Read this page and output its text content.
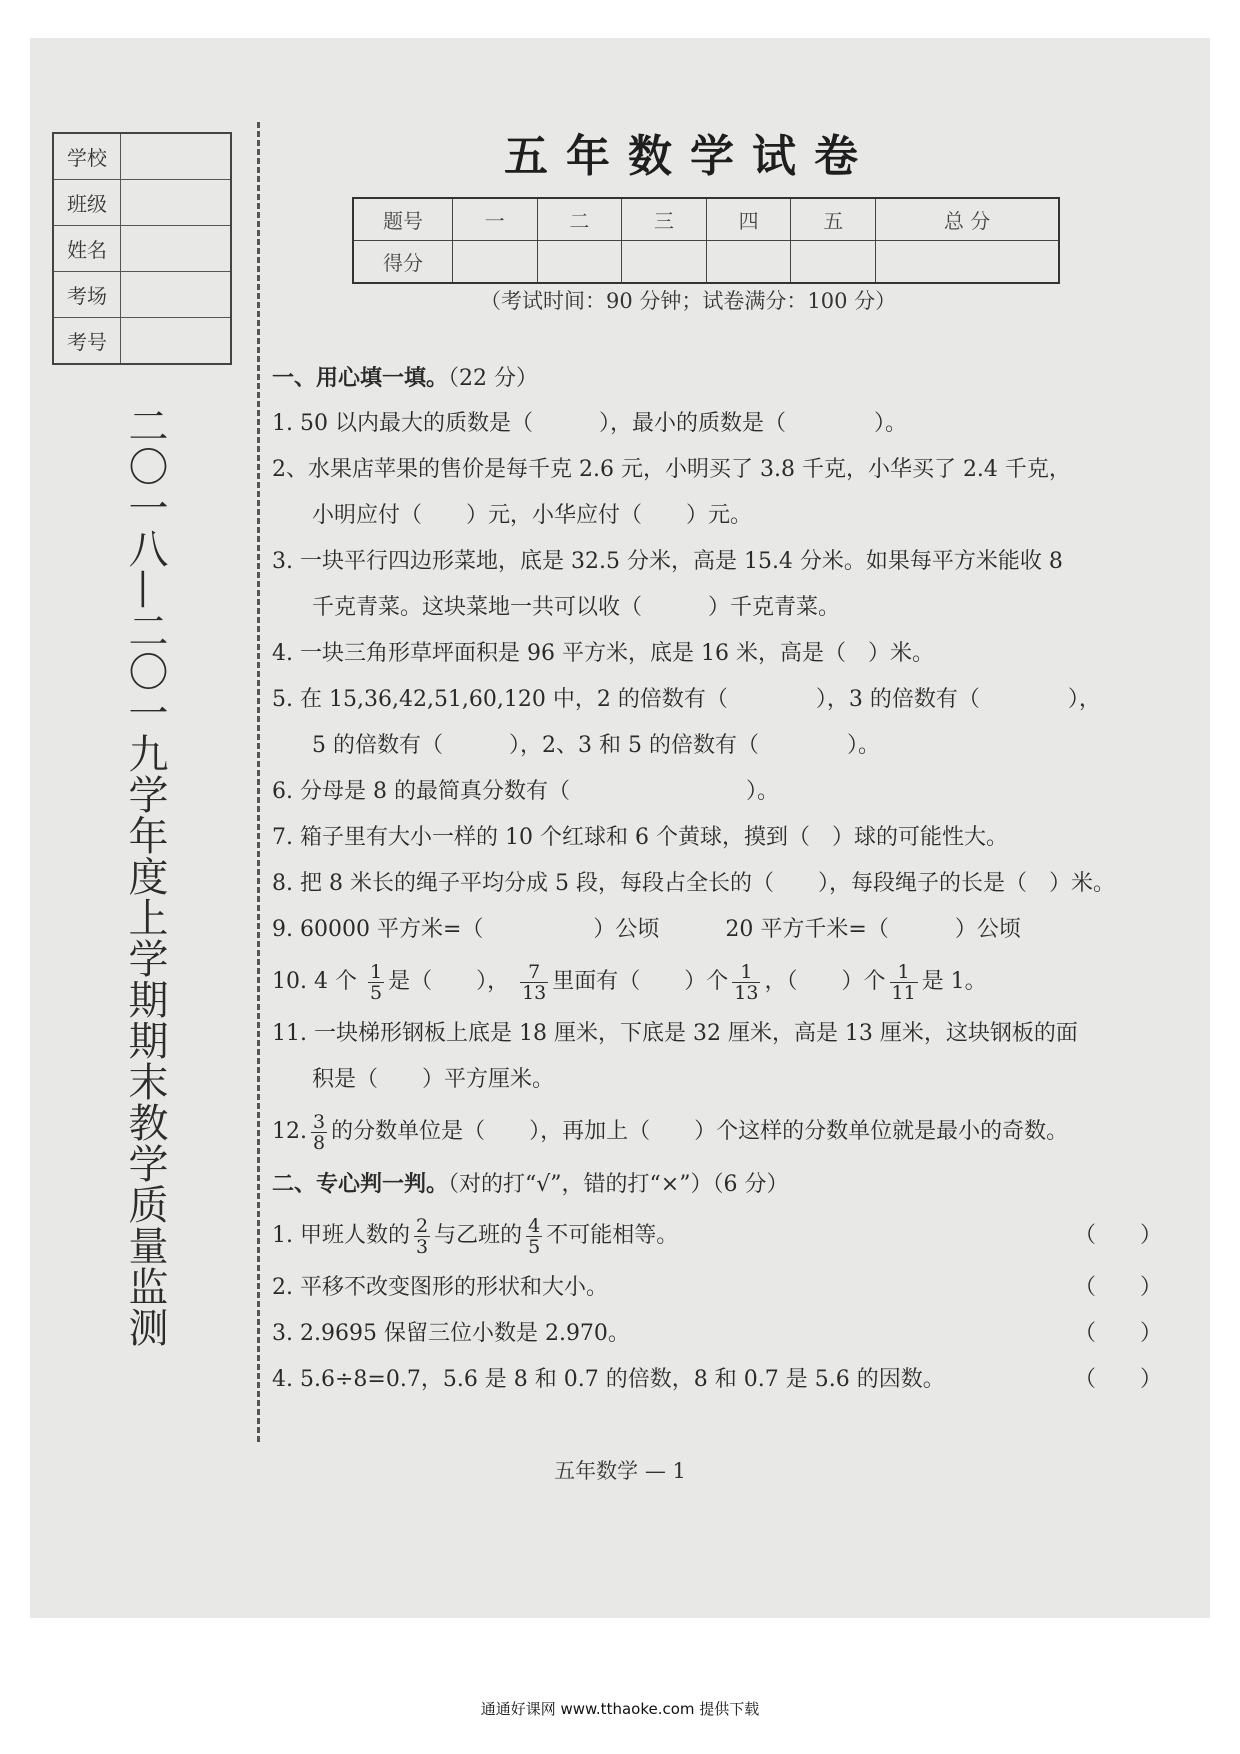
学校	
班级	
姓名	
考场	
考号	
二〇一八—二〇一九学年度上学期期末教学质量监测
五年数学试卷
题号	一	二	三	四	五	总 分
得分						
（考试时间：90 分钟；试卷满分：100 分）
一、用心填一填。（22 分）
1. 50 以内最大的质数是（　　　），最小的质数是（　　　　）。
2、水果店苹果的售价是每千克 2.6 元，小明买了 3.8 千克，小华买了 2.4 千克，
小明应付（　　）元，小华应付（　　）元。
3. 一块平行四边形菜地，底是 32.5 分米，高是 15.4 分米。如果每平方米能收 8
千克青菜。这块菜地一共可以收（　　　）千克青菜。
4. 一块三角形草坪面积是 96 平方米，底是 16 米，高是（　）米。
5. 在 15,36,42,51,60,120 中，2 的倍数有（　　　　），3 的倍数有（　　　　），
5 的倍数有（　　　），2、3 和 5 的倍数有（　　　　）。
6. 分母是 8 的最简真分数有（　　　　　　　　）。
7. 箱子里有大小一样的 10 个红球和 6 个黄球，摸到（　）球的可能性大。
8. 把 8 米长的绳子平均分成 5 段，每段占全长的（　　），每段绳子的长是（　）米。
9. 60000 平方米=（　　　　　）公顷　　　20 平方千米=（　　　）公顷
10. 4 个 $\frac{1}{5}$ 是（　　）， $\frac{7}{13}$ 里面有（　　）个 $\frac{1}{13}$ ，（　　）个 $\frac{1}{11}$ 是 1。
11. 一块梯形钢板上底是 18 厘米，下底是 32 厘米，高是 13 厘米，这块钢板的面
积是（　　）平方厘米。
12. $\frac{3}{8}$ 的分数单位是（　　），再加上（　　）个这样的分数单位就是最小的奇数。
二、专心判一判。（对的打“√”，错的打“×”）（6 分）
1. 甲班人数的 $\frac{2}{3}$ 与乙班的 $\frac{4}{5}$ 不可能相等。	（　　）
2. 平移不改变图形的形状和大小。	（　　）
3. 2.9695 保留三位小数是 2.970。	（　　）
4. 5.6÷8=0.7，5.6 是 8 和 0.7 的倍数，8 和 0.7 是 5.6 的因数。	（　　）
五年数学 — 1
通通好课网 www.tthaoke.com 提供下载
